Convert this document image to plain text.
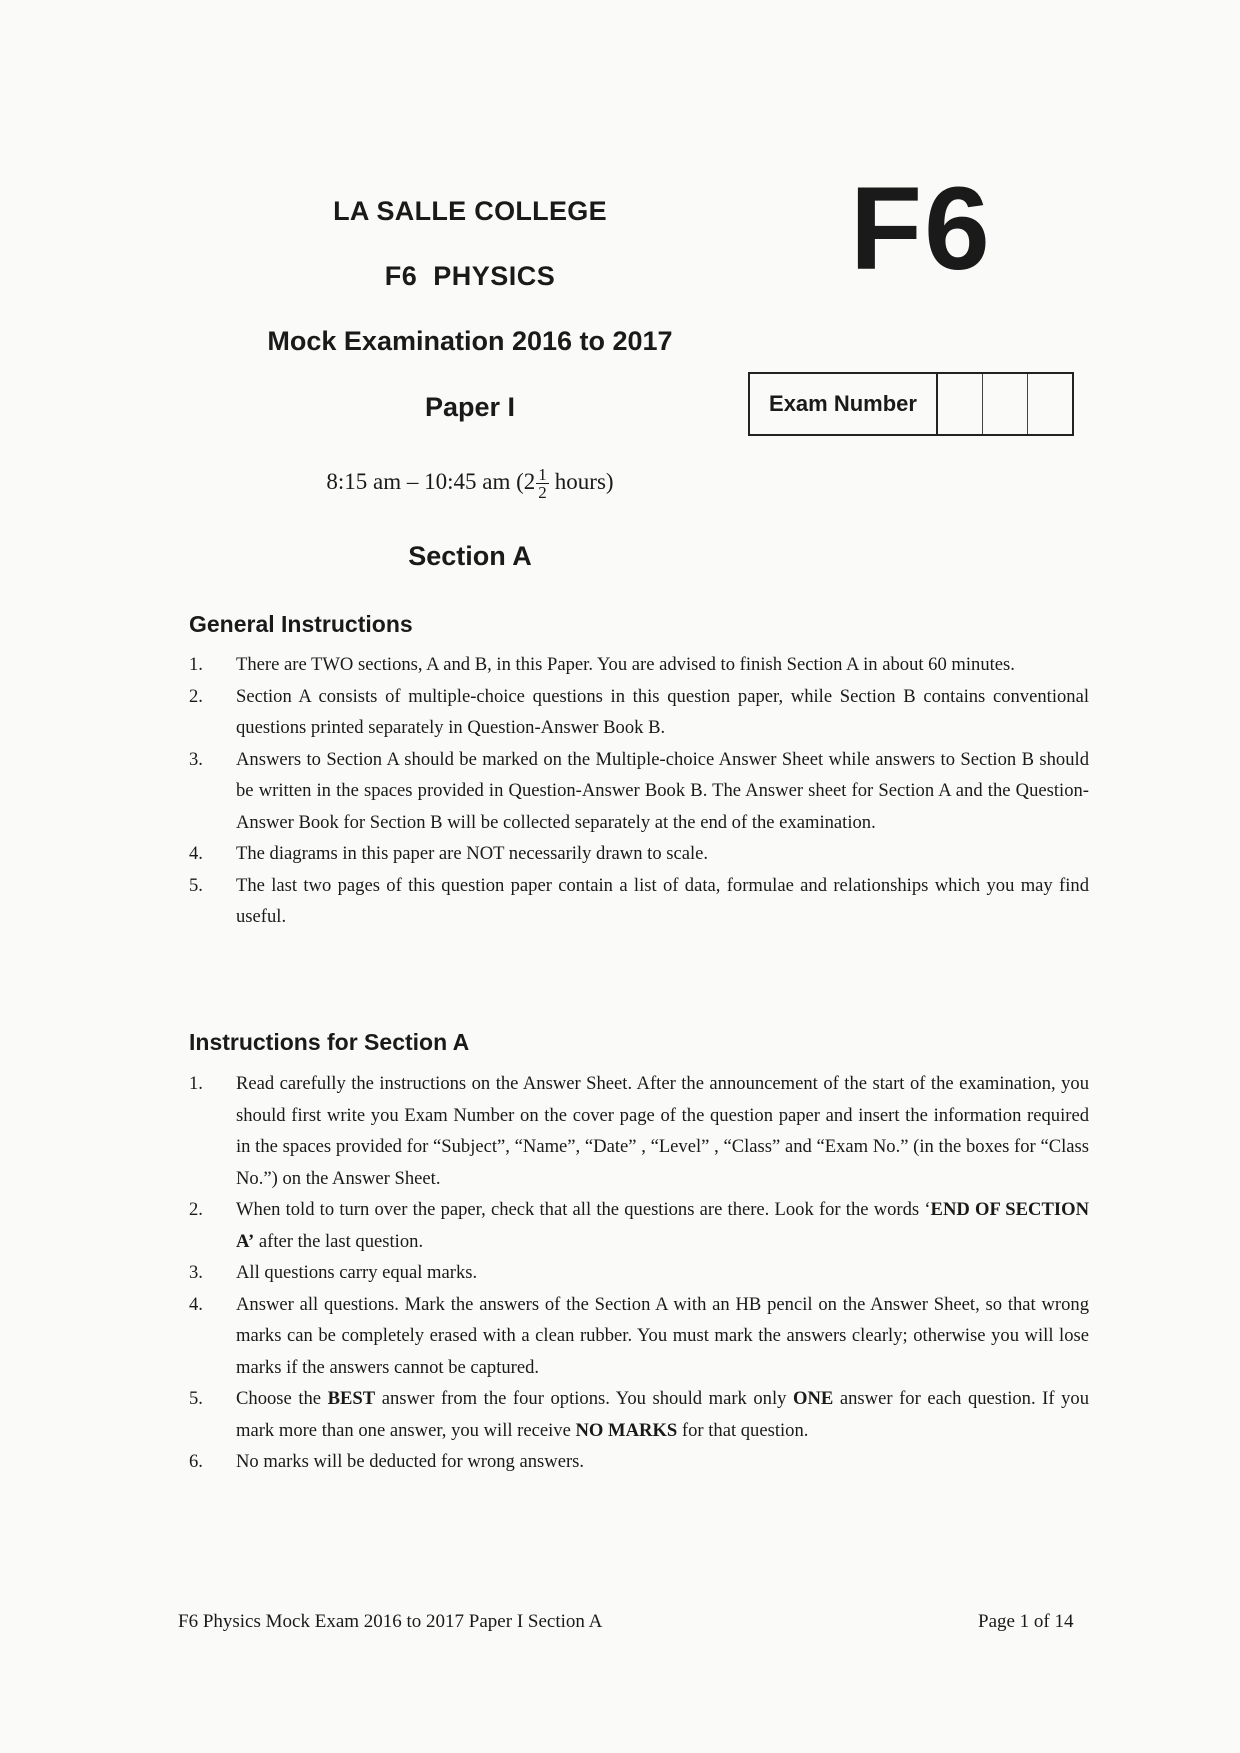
LA SALLE COLLEGE
F6  PHYSICS
Mock Examination 2016 to 2017
Paper I
8:15 am – 10:45 am ($2 \frac{1}{2}$ hours)
Section A
F6
Exam Number
General Instructions
1.	There are TWO sections, A and B, in this Paper. You are advised to finish Section A in about 60 minutes.
2.	Section A consists of multiple-choice questions in this question paper, while Section B contains conventional questions printed separately in Question-Answer Book B.
3.	Answers to Section A should be marked on the Multiple-choice Answer Sheet while answers to Section B should be written in the spaces provided in Question-Answer Book B. The Answer sheet for Section A and the Question-Answer Book for Section B will be collected separately at the end of the examination.
4.	The diagrams in this paper are NOT necessarily drawn to scale.
5.	The last two pages of this question paper contain a list of data, formulae and relationships which you may find useful.
Instructions for Section A
1.	Read carefully the instructions on the Answer Sheet. After the announcement of the start of the examination, you should first write you Exam Number on the cover page of the question paper and insert the information required in the spaces provided for “Subject”, “Name”, “Date” , “Level” , “Class” and “Exam No.” (in the boxes for “Class No.”) on the Answer Sheet.
2.	When told to turn over the paper, check that all the questions are there. Look for the words ‘END OF SECTION A’ after the last question.
3.	All questions carry equal marks.
4.	Answer all questions. Mark the answers of the Section A with an HB pencil on the Answer Sheet, so that wrong marks can be completely erased with a clean rubber. You must mark the answers clearly; otherwise you will lose marks if the answers cannot be captured.
5.	Choose the BEST answer from the four options. You should mark only ONE answer for each question. If you mark more than one answer, you will receive NO MARKS for that question.
6.	No marks will be deducted for wrong answers.
F6 Physics Mock Exam 2016 to 2017 Paper I Section A	Page 1 of 14
